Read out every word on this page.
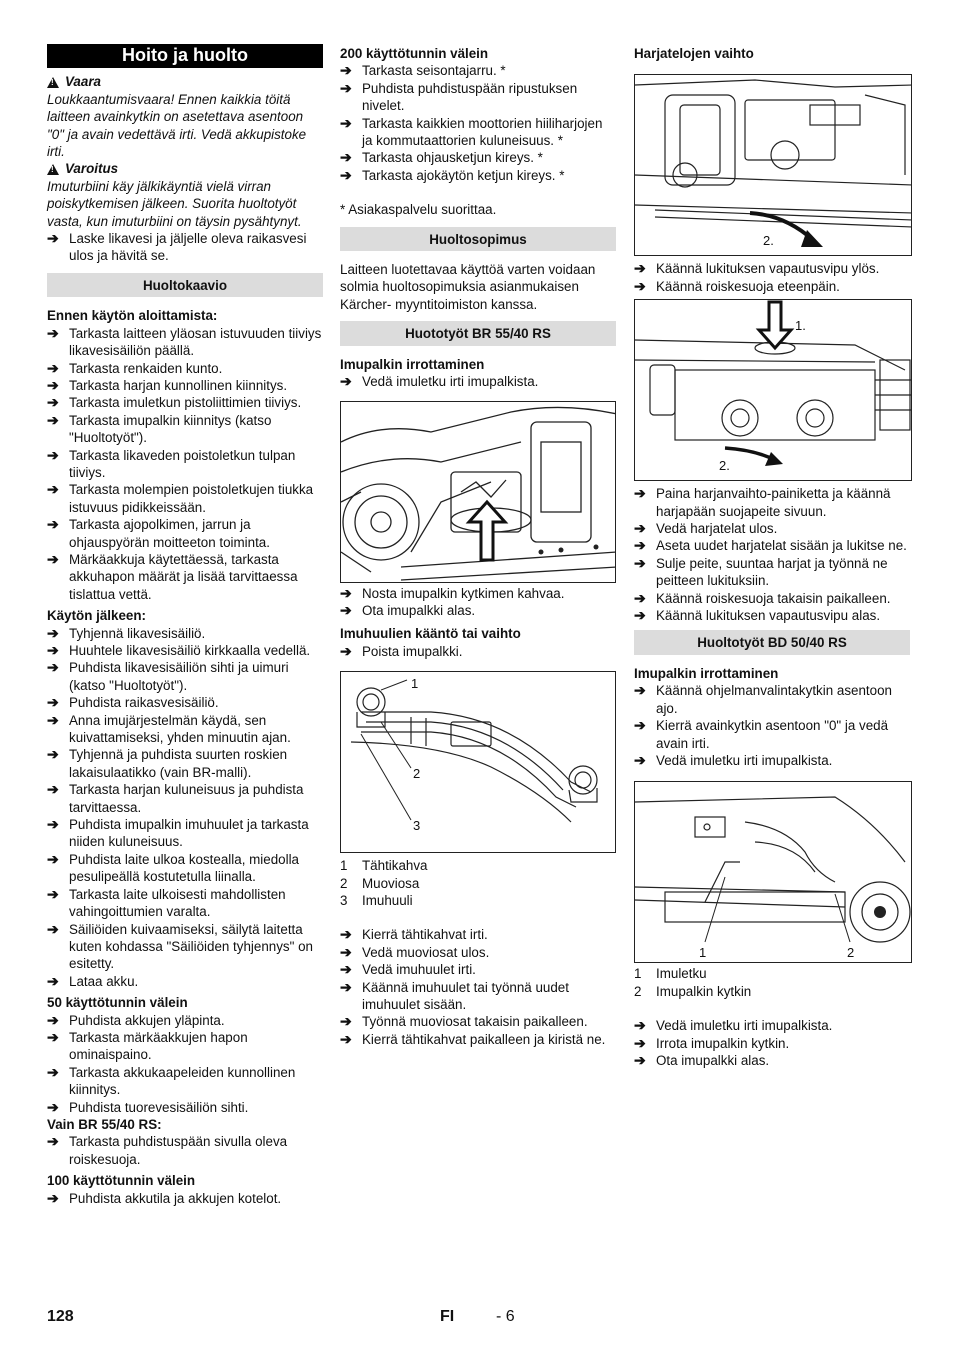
Hoito ja huolto
!
Vaara

Loukkaantumisvaara! Ennen kaikkia töitä laitteen avainkytkin on asetettava asentoon "0" ja avain vedettävä irti. Vedä akkupistoke irti.

!
Varoitus

Imuturbiini käy jälkikäyntiä vielä virran poiskytkemisen jälkeen. Suorita huoltotyöt vasta, kun imuturbiini on täysin pysähtynyt.

➔ Laske likavesi ja jäljelle oleva raikasvesi ulos ja hävitä se.
Huoltokaavio
Ennen käytön aloittamista:
➔ Tarkasta laitteen yläosan istuvuuden tiiviys likavesisäiliön päällä.
➔ Tarkasta renkaiden kunto.
➔ Tarkasta harjan kunnollinen kiinnitys.
➔ Tarkasta imuletkun pistoliittimien tiiviys.
➔ Tarkasta imupalkin kiinnitys (katso "Huoltotyöt").
➔ Tarkasta likaveden poistoletkun tulpan tiiviys.
➔ Tarkasta molempien poistoletkujen tiukka istuvuus pidikkeissään.
➔ Tarkasta ajopolkimen, jarrun ja ohjauspyörän moitteeton toiminta.
➔ Märkäakkuja käytettäessä, tarkasta akkuhapon määrät ja lisää tarvittaessa tislattua vettä.
Käytön jälkeen:
➔ Tyhjennä likavesisäiliö.
➔ Huuhtele likavesisäiliö kirkkaalla vedellä.
➔ Puhdista likavesisäiliön sihti ja uimuri (katso "Huoltotyöt").
➔ Puhdista raikasvesisäiliö.
➔ Anna imujärjestelmän käydä, sen kuivattamiseksi, yhden minuutin ajan.
➔ Tyhjennä ja puhdista suurten roskien lakaisulaatikko (vain BR-malli).
➔ Tarkasta harjan kuluneisuus ja puhdista tarvittaessa.
➔ Puhdista imupalkin imuhuulet ja tarkasta niiden kuluneisuus.
➔ Puhdista laite ulkoa kostealla, miedolla pesulipeällä kostutetulla liinalla.
➔ Tarkasta laite ulkoisesti mahdollisten vahingoittumien varalta.
➔ Säiliöiden kuivaamiseksi, säilytä laitetta kuten kohdassa "Säiliöiden tyhjennys" on esitetty.
➔ Lataa akku.
50 käyttötunnin välein
➔ Puhdista akkujen yläpinta.
➔ Tarkasta märkäakkujen hapon ominaispaino.
➔ Tarkasta akkukaapeleiden kunnollinen kiinnitys.
➔ Puhdista tuorevesisäiliön sihti.
Vain BR 55/40 RS:
➔ Tarkasta puhdistuspään sivulla oleva roiskesuoja.
100 käyttötunnin välein
➔ Puhdista akkutila ja akkujen kotelot.
200 käyttötunnin välein
➔ Tarkasta seisontajarru. *
➔ Puhdista puhdistuspään ripustuksen nivelet.
➔ Tarkasta kaikkien moottorien hiiliharjojen ja kommutaattorien kuluneisuus. *
➔ Tarkasta ohjausketjun kireys. *
➔ Tarkasta ajokäytön ketjun kireys. *

* Asiakaspalvelu suorittaa.

Huoltosopimus

Laitteen luotettavaa käyttöä varten voidaan solmia huoltosopimuksia asianmukaisen Kärcher- myyntitoimiston kanssa.

Huototyöt BR 55/40 RS
Imupalkin irrottaminen
➔ Vedä imuletku irti imupalkista.
➔ Nosta imupalkin kytkimen kahvaa.
➔ Ota imupalkki alas.
Imuhuulien kääntö tai vaihto
➔ Poista imupalkki.
1
2
3
1	Tähtikahva
2	Muoviosa
3	Imuhuuli
➔ Kierrä tähtikahvat irti.
➔ Vedä muoviosat ulos.
➔ Vedä imuhuulet irti.
➔ Käännä imuhuulet tai työnnä uudet imuhuulet sisään.
➔ Työnnä muoviosat takaisin paikalleen.
➔ Kierrä tähtikahvat paikalleen ja kiristä ne.
Harjatelojen vaihto
2.
➔ Käännä lukituksen vapautusvipu ylös.
➔ Käännä roiskesuoja eteenpäin.
1.
2.
➔ Paina harjanvaihto-painiketta ja käännä harjapään suojapeite sivuun.
➔ Vedä harjatelat ulos.
➔ Aseta uudet harjatelat sisään ja lukitse ne.
➔ Sulje peite, suuntaa harjat ja työnnä ne peitteen lukituksiin.
➔ Käännä roiskesuoja takaisin paikalleen.
➔ Käännä lukituksen vapautusvipu alas.
Huoltotyöt BD 50/40 RS
Imupalkin irrottaminen
➔ Käännä ohjelmanvalintakytkin asentoon ajo.
➔ Kierrä avainkytkin asentoon "0" ja vedä avain irti.
➔ Vedä imuletku irti imupalkista.
1	2
1	Imuletku
2	Imupalkin kytkin
➔ Vedä imuletku irti imupalkista.
➔ Irrota imupalkin kytkin.
➔ Ota imupalkki alas.
128	FI	- 6
